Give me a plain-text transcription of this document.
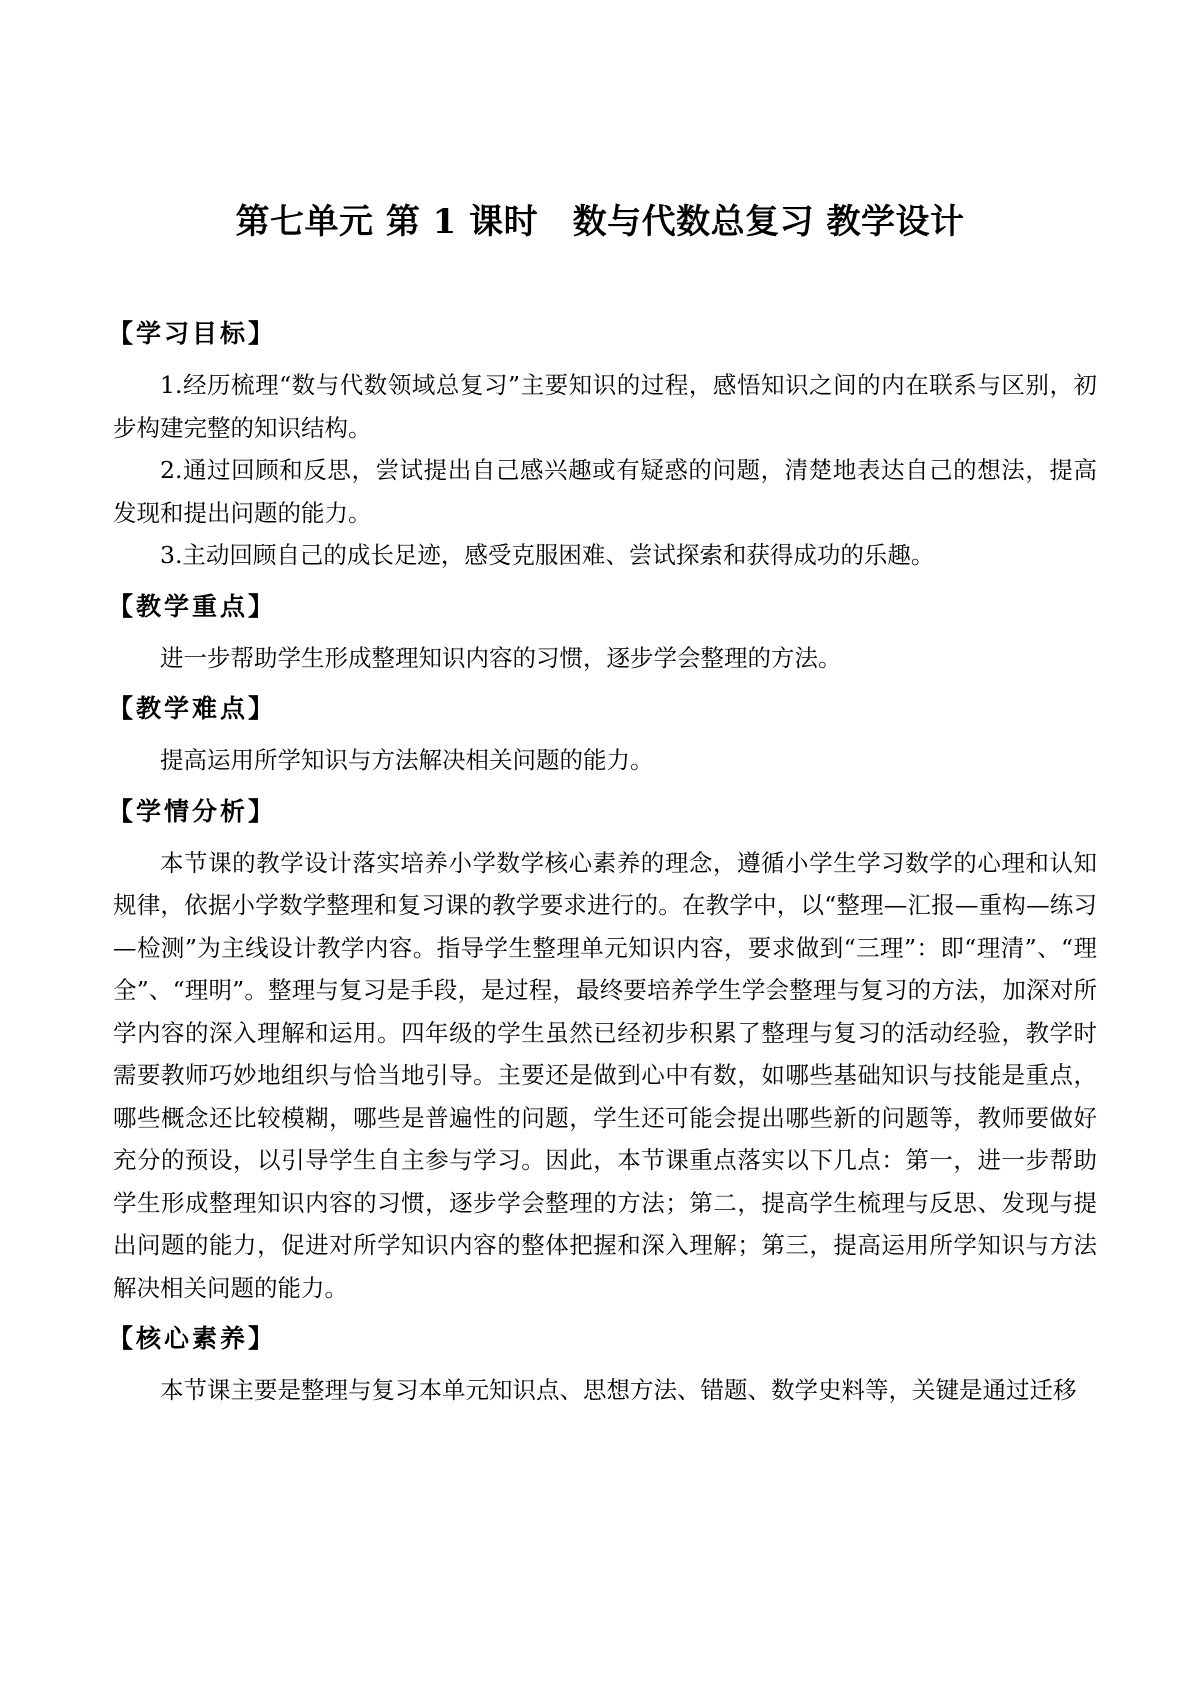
第七单元 第 1 课时　数与代数总复习 教学设计
【学习目标】

1.经历梳理“数与代数领域总复习”主要知识的过程，感悟知识之间的内在联系与区别，初步构建完整的知识结构。

2.通过回顾和反思，尝试提出自己感兴趣或有疑惑的问题，清楚地表达自己的想法，提高发现和提出问题的能力。

3.主动回顾自己的成长足迹，感受克服困难、尝试探索和获得成功的乐趣。

【教学重点】

进一步帮助学生形成整理知识内容的习惯，逐步学会整理的方法。

【教学难点】

提高运用所学知识与方法解决相关问题的能力。

【学情分析】

本节课的教学设计落实培养小学数学核心素养的理念，遵循小学生学习数学的心理和认知规律，依据小学数学整理和复习课的教学要求进行的。在教学中，以“整理—汇报—重构—练习—检测”为主线设计教学内容。指导学生整理单元知识内容，要求做到“三理”：即“理清”、“理全”、“理明”。整理与复习是手段，是过程，最终要培养学生学会整理与复习的方法，加深对所学内容的深入理解和运用。四年级的学生虽然已经初步积累了整理与复习的活动经验，教学时需要教师巧妙地组织与恰当地引导。主要还是做到心中有数，如哪些基础知识与技能是重点，哪些概念还比较模糊，哪些是普遍性的问题，学生还可能会提出哪些新的问题等，教师要做好充分的预设，以引导学生自主参与学习。因此，本节课重点落实以下几点：第一，进一步帮助学生形成整理知识内容的习惯，逐步学会整理的方法；第二，提高学生梳理与反思、发现与提出问题的能力，促进对所学知识内容的整体把握和深入理解；第三，提高运用所学知识与方法解决相关问题的能力。

【核心素养】

本节课主要是整理与复习本单元知识点、思想方法、错题、数学史料等，关键是通过迁移
